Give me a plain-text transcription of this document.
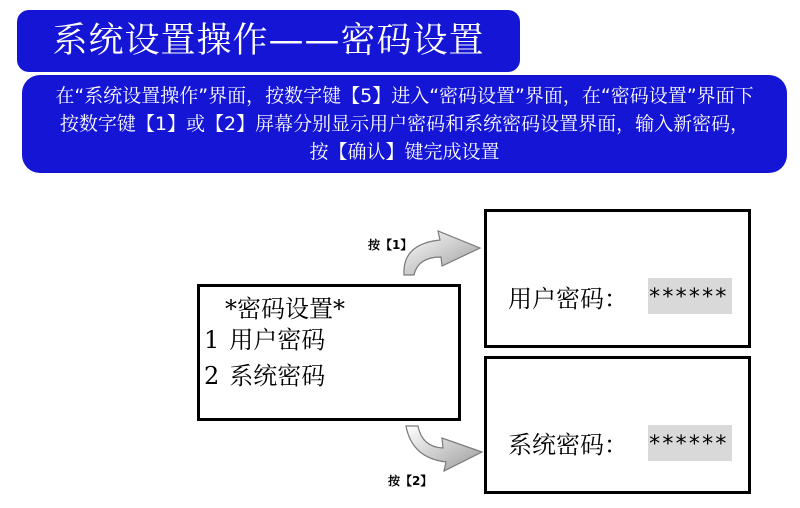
系统设置操作——密码设置
在“系统设置操作”界面，按数字键【5】进入“密码设置”界面，在“密码设置”界面下按数字键【1】或【2】屏幕分别显示用户密码和系统密码设置界面，输入新密码，按【确认】键完成设置
按【1】
按【2】
*密码设置*
1 用户密码
2 系统密码
用户密码： ******
系统密码： ******
